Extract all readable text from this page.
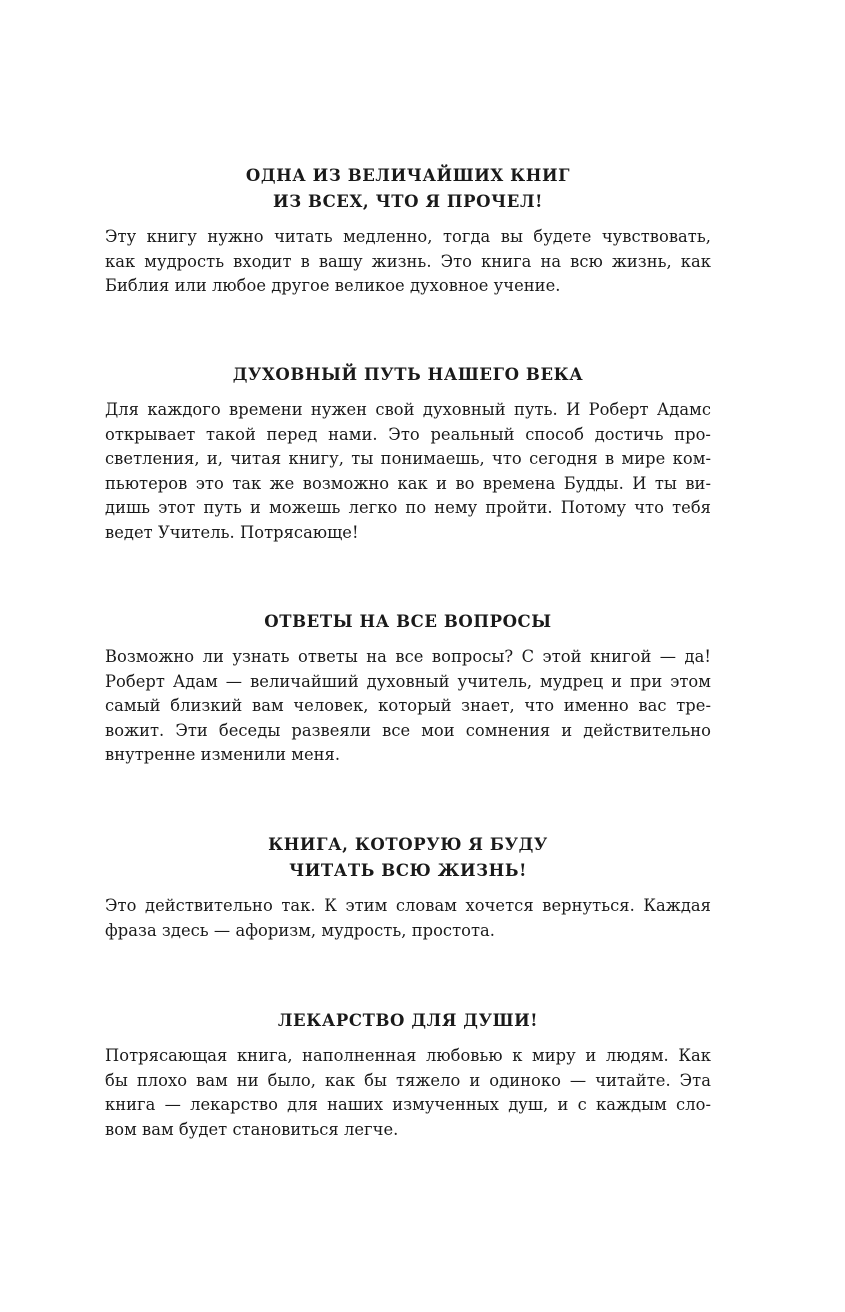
ОДНА ИЗ ВЕЛИЧАЙШИХ КНИГ
ИЗ ВСЕХ, ЧТО Я ПРОЧЕЛ!

Эту книгу нужно читать медленно, тогда вы будете чувствовать,
как мудрость входит в вашу жизнь. Это книга на всю жизнь, как
Библия или любое другое великое духовное учение.

ДУХОВНЫЙ ПУТЬ НАШЕГО ВЕКА

Для каждого времени нужен свой духовный путь. И Роберт Адамс
открывает такой перед нами. Это реальный способ достичь про-
светления, и, читая книгу, ты понимаешь, что сегодня в мире ком-
пьютеров это так же возможно как и во времена Будды. И ты ви-
дишь этот путь и можешь легко по нему пройти. Потому что тебя
ведет Учитель. Потрясающе!

ОТВЕТЫ НА ВСЕ ВОПРОСЫ

Возможно ли узнать ответы на все вопросы? С этой книгой — да!
Роберт Адам — величайший духовный учитель, мудрец и при этом
самый близкий вам человек, который знает, что именно вас тре-
вожит. Эти беседы развеяли все мои сомнения и действительно
внутренне изменили меня.

КНИГА, КОТОРУЮ Я БУДУ
ЧИТАТЬ ВСЮ ЖИЗНЬ!

Это действительно так. К этим словам хочется вернуться. Каждая
фраза здесь — афоризм, мудрость, простота.

ЛЕКАРСТВО ДЛЯ ДУШИ!

Потрясающая книга, наполненная любовью к миру и людям. Как
бы плохо вам ни было, как бы тяжело и одиноко — читайте. Эта
книга — лекарство для наших измученных душ, и с каждым сло-
вом вам будет становиться легче.
